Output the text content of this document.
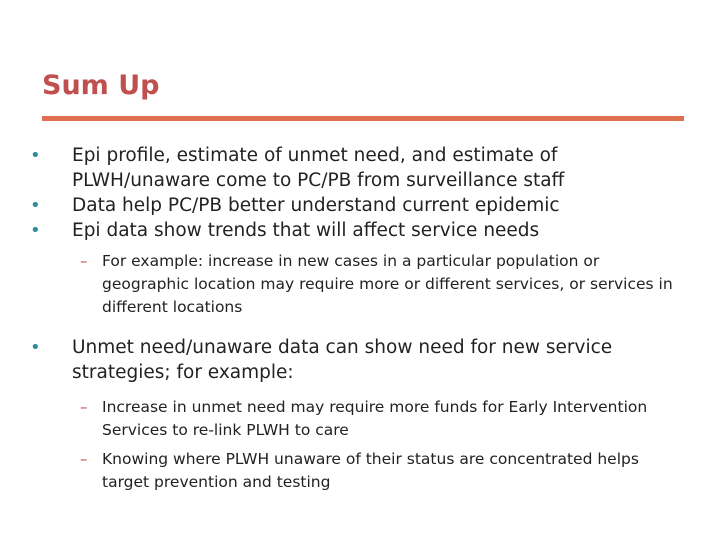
Sum Up
•	Epi profile, estimate of unmet need, and estimate of PLWH/unaware come to PC/PB from surveillance staff
•	Data help PC/PB better understand current epidemic
•	Epi data show trends that will affect service needs
– For example: increase in new cases in a particular population or geographic location may require more or different services, or services in different locations
•	Unmet need/unaware data can show need for new service strategies; for example:
– Increase in unmet need may require more funds for Early Intervention Services to re-link PLWH to care
– Knowing where PLWH unaware of their status are concentrated helps target prevention and testing
